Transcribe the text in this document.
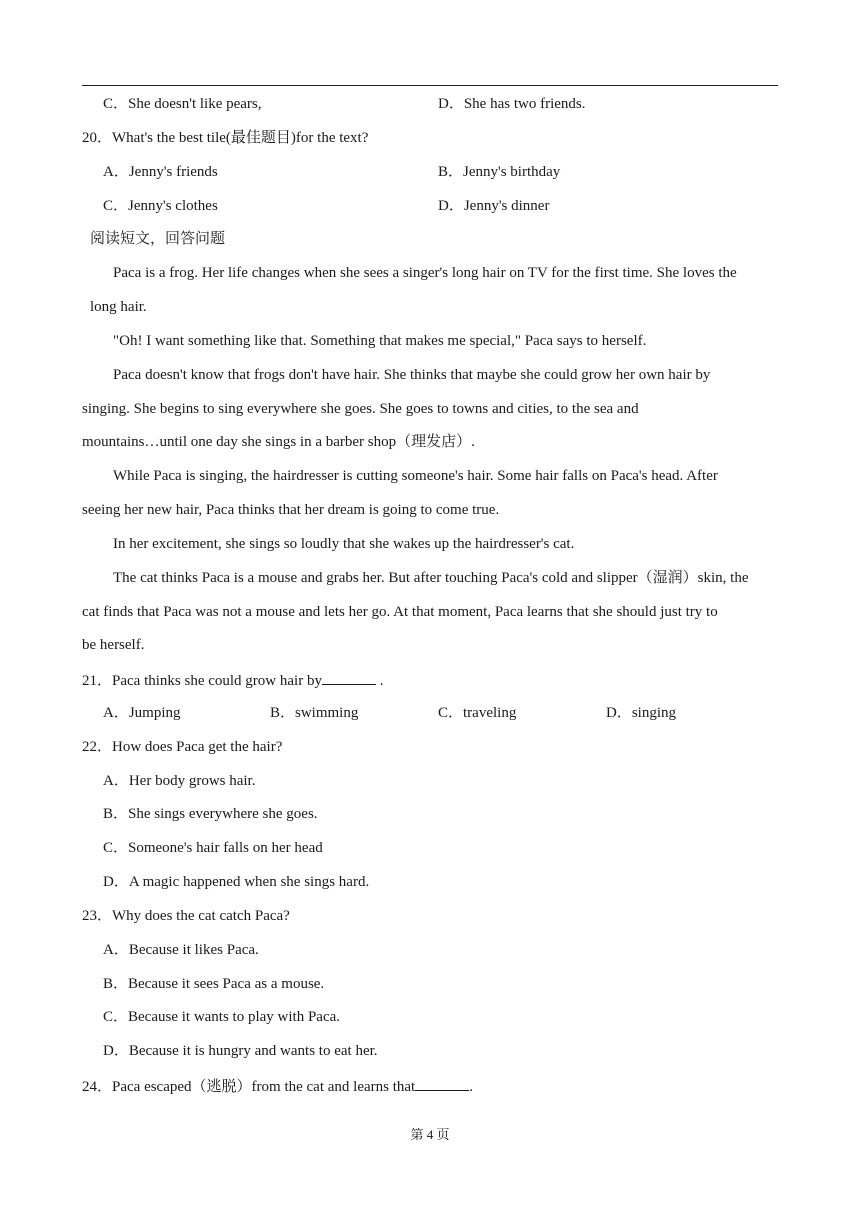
C．She doesn't like pears,	D．She has two friends.
20．What's the best tile(最佳题目)for the text?
A．Jenny's friends	B．Jenny's birthday
C．Jenny's clothes	D．Jenny's dinner
阅读短文，回答问题
Paca is a frog. Her life changes when she sees a singer's long hair on TV for the first time. She loves the
long hair.
"Oh! I want something like that. Something that makes me special," Paca says to herself.
Paca doesn't know that frogs don't have hair. She thinks that maybe she could grow her own hair by
singing. She begins to sing everywhere she goes. She goes to towns and cities, to the sea and
mountains…until one day she sings in a barber shop（理发店）.
While Paca is singing, the hairdresser is cutting someone's hair. Some hair falls on Paca's head. After
seeing her new hair, Paca thinks that her dream is going to come true.
In her excitement, she sings so loudly that she wakes up the hairdresser's cat.
The cat thinks Paca is a mouse and grabs her. But after touching Paca's cold and slipper（湿润）skin, the
cat finds that Paca was not a mouse and lets her go. At that moment, Paca learns that she should just try to
be herself.
21．Paca thinks she could grow hair by	.
A．Jumping	B．swimming	C．traveling	D．singing
22．How does Paca get the hair?
A．Her body grows hair.
B．She sings everywhere she goes.
C．Someone's hair falls on her head
D．A magic happened when she sings hard.
23．Why does the cat catch Paca?
A．Because it likes Paca.
B．Because it sees Paca as a mouse.
C．Because it wants to play with Paca.
D．Because it is hungry and wants to eat her.
24．Paca escaped（逃脱）from the cat and learns that	.
第 4 页
